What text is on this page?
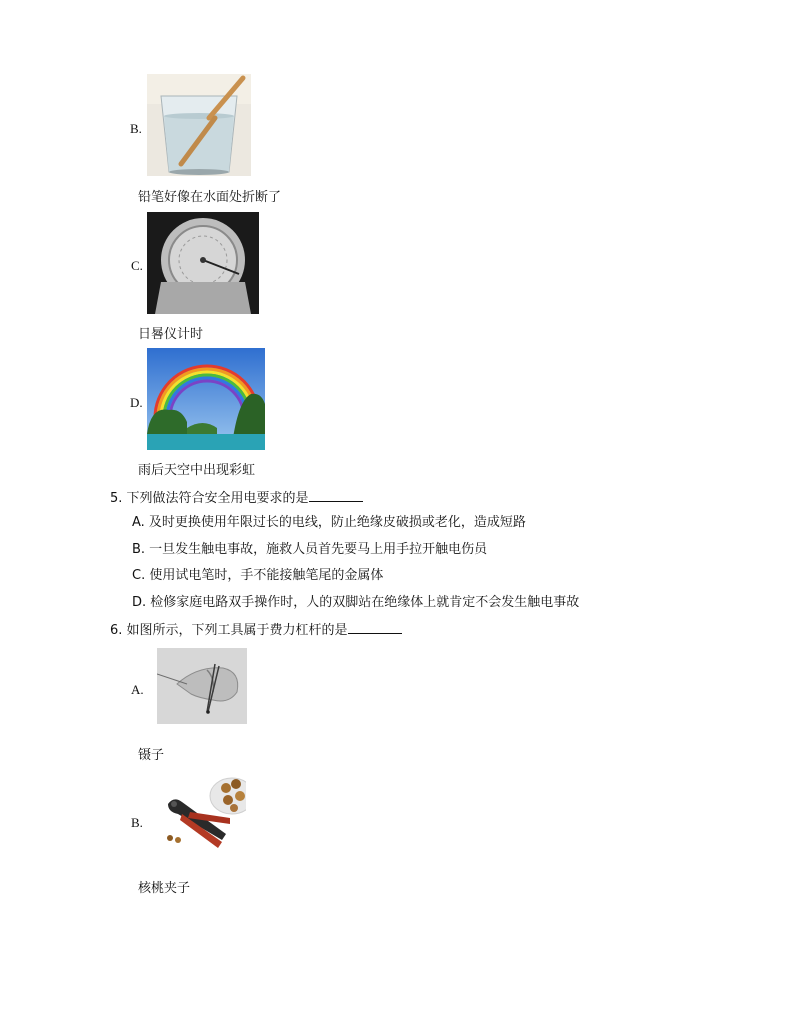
B.
铅笔好像在水面处折断了
C.
日晷仪计时
D.
雨后天空中出现彩虹
5. 下列做法符合安全用电要求的是
A. 及时更换使用年限过长的电线，防止绝缘皮破损或老化，造成短路
B. 一旦发生触电事故，施救人员首先要马上用手拉开触电伤员
C. 使用试电笔时，手不能接触笔尾的金属体
D. 检修家庭电路双手操作时，人的双脚站在绝缘体上就肯定不会发生触电事故
6. 如图所示，下列工具属于费力杠杆的是
A.
镊子
B.
核桃夹子
